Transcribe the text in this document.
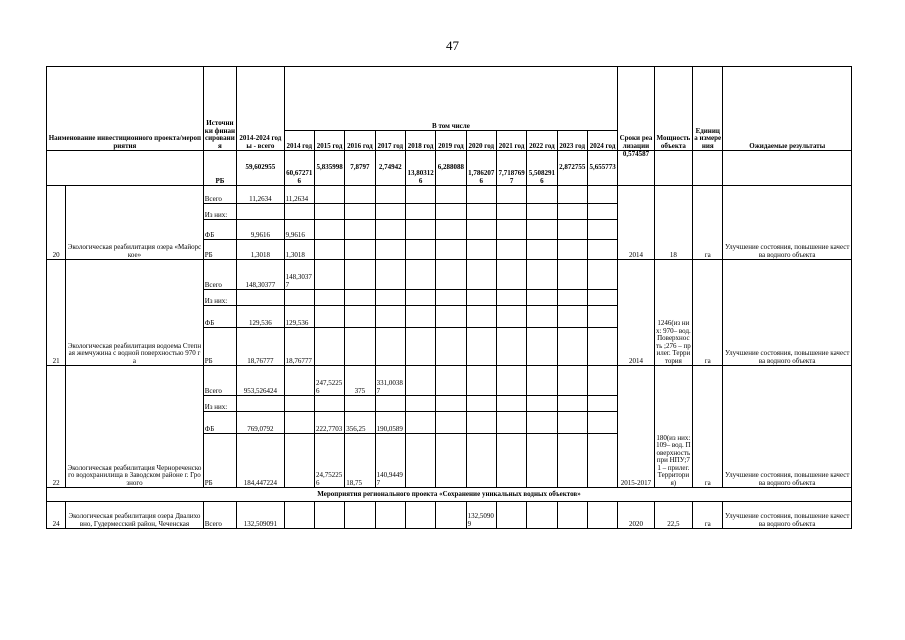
47
Наименование инвестиционного проекта/мероприятия		Источники финансирования	2014-2024 годы - всего	В том числе											Сроки реализации	Мощность объекта	Единица измерения	Ожидаемые результаты
				2014 год	2015 год	2016 год	2017 год	2018 год	2019 год	2020 год	2021 год	2022 год	2023 год	2024 год				
		РБ	59,602955	60,672716	5,835998	7,8797	2,74942	13,803126	6,288088	1,786207 6	7,718769 7	5,508291 6	2,872755	5,655773	0,574587			
20	Экологическая реабилитация озера «Майорское»	Всего	11,2634	11,2634											2014	18	га	Улучшение состояния, повышение качества водного объекта
		Из них:																
		ФБ	9,9616	9,9616														
		РБ	1,3018	1,3018														
21	Экологическая реабилитация водоема Степная жемчужина с водной поверхностью 970 га	Всего	148,30377	148,30377											2014	1246(из них: 970– вод. Поверхность ;276 – прилег. Территория	га	Улучшение состояния, повышение качества водного объекта
		Из них:																
		ФБ	129,536	129,536														
		РБ	18,76777	18,76777														
22	Экологическая реабилитация Чернореченского водохранилища в Заводском районе г. Грозного	Всего	953,526424		247,52256	375	331,00387								2015-2017	180(из них: 109– вод. Поверхность при НПУ;71 – прилег. Территория)	га	Улучшение состояния, повышение качества водного объекта
		Из них:																
		ФБ	769,0792		222,7703	356,25	190,0589											
		РБ	184,447224		24,752256	18,75	140,94497											
Мероприятия регионального проекта «Сохранение уникальных водных объектов»																		
24	Экологическая реабилитация озера Двалиховно, Гудермесский район, Чеченская	Всего	132,509091							132,50909					2020	22,5	га	Улучшение состояния, повышение качества водного объекта
